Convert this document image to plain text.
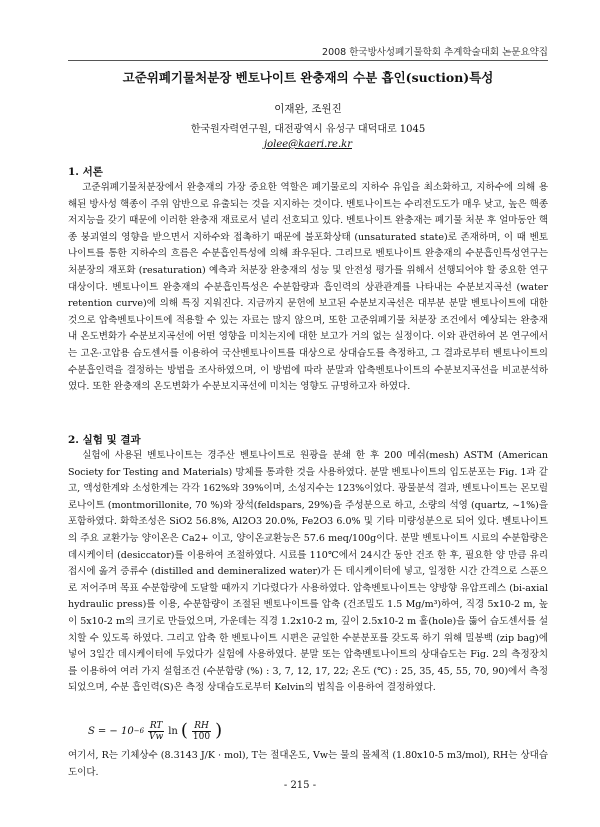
2008 한국방사성폐기물학회 추계학술대회 논문요약집
고준위폐기물처분장 벤토나이트 완충재의 수분 흡인(suction)특성
이재완, 조원진
한국원자력연구원, 대전광역시 유성구 대덕대로 1045
jolee@kaeri.re.kr
1. 서론

고준위폐기물처분장에서 완충재의 가장 중요한 역할은 폐기물로의 지하수 유입을 최소화하고, 지하수에 의해 용해된 방사성 핵종이 주위 암반으로 유출되는 것을 지지하는 것이다. 벤토나이트는 수리전도도가 매우 낮고, 높은 핵종저지능을 갖기 때문에 이러한 완충재 재료로서 널리 선호되고 있다. 벤토나이트 완충재는 폐기물 처분 후 얼마동안 핵종 붕괴열의 영향을 받으면서 지하수와 접촉하기 때문에 불포화상태 (unsaturated state)로 존재하며, 이 때 벤토나이트를 통한 지하수의 흐름은 수분흡인특성에 의해 좌우된다. 그리므로 벤토나이트 완충재의 수분흡인특성연구는 처분장의 재포화 (resaturation) 예측과 처분장 완충재의 성능 및 안전성 평가를 위해서 선행되어야 할 중요한 연구대상이다. 벤토나이트 완충재의 수분흡인특성은 수분함량과 흡인력의 상관관계를 나타내는 수분보지곡선 (water retention curve)에 의해 특징 지워진다. 지금까지 문헌에 보고된 수분보지곡선은 대부분 분말 벤토나이트에 대한 것으로 압축벤토나이트에 적용할 수 있는 자료는 많지 않으며, 또한 고준위폐기물 처분장 조건에서 예상되는 완충재 내 온도변화가 수분보지곡선에 어떤 영향을 미치는지에 대한 보고가 거의 없는 실정이다. 이와 관련하여 본 연구에서는 고온·고압용 습도센서를 이용하여 국산벤토나이트를 대상으로 상대습도를 측정하고, 그 결과로부터 벤토나이트의 수분흡인력을 결정하는 방법을 조사하였으며, 이 방법에 따라 분말과 압축벤토나이트의 수분보지곡선을 비교분석하였다. 또한 완충재의 온도변화가 수분보지곡선에 미치는 영향도 규명하고자 하였다.

2. 실험 및 결과

실험에 사용된 벤토나이트는 경주산 벤토나이트로 원광을 분쇄 한 후 200 메쉬(mesh) ASTM (American Society for Testing and Materials) 망체를 통과한 것을 사용하였다. 분말 벤토나이트의 입도분포는 Fig. 1과 같고, 액성한계와 소성한계는 각각 162%와 39%이며, 소성지수는 123%이었다. 광물분석 결과, 벤토나이트는 몬모릴로나이트 (montmorillonite, 70 %)와 장석(feldspars, 29%)을 주성분으로 하고, 소량의 석영 (quartz, ~1%)을 포함하였다. 화학조성은 SiO2 56.8%, Al2O3 20.0%, Fe2O3 6.0% 및 기타 미량성분으로 되어 있다. 벤토나이트의 주요 교환가능 양이온은 Ca2+ 이고, 양이온교환능은 57.6 meq/100g이다. 분말 벤토나이트 시료의 수분함량은 데시케이터 (desiccator)를 이용하여 조절하였다. 시료를 110℃에서 24시간 동안 건조 한 후, 필요한 양 만큼 유리접시에 옮겨 증류수 (distilled and demineralized water)가 든 데시케이터에 넣고, 일정한 시간 간격으로 스푼으로 저어주며 목표 수분함량에 도달할 때까지 기다렸다가 사용하였다. 압축벤토나이트는 양방향 유압프레스 (bi-axial hydraulic press)를 이용, 수분함량이 조절된 벤토나이트를 압축 (건조밀도 1.5 Mg/m³)하여, 직경 5x10-2 m, 높이 5x10-2 m의 크기로 만들었으며, 가운데는 직경 1.2x10-2 m, 깊이 2.5x10-2 m 홀(hole)을 뚫어 습도센서를 설치할 수 있도록 하였다. 그리고 압축 한 벤토나이트 시편은 균일한 수분분포를 갖도록 하기 위해 밀봉백 (zip bag)에 넣어 3일간 데시케이터에 두었다가 실험에 사용하였다. 분말 또는 압축벤토나이트의 상대습도는 Fig. 2의 측정장치를 이용하여 여러 가지 설험조건 (수분함량 (%) : 3, 7, 12, 17, 22; 온도 (℃) : 25, 35, 45, 55, 70, 90)에서 측정되었으며, 수분 흡인력(S)은 측정 상대습도로부터 Kelvin의 법칙을 이용하여 결정하였다.

S = − $10 -6 \frac{RT}{Vw}$ ln ( $\frac{RH}{100}$ )

여기서, R는 기체상수 (8.3143 J/K · mol), T는 절대온도, Vw는 물의 몰체적 (1.80x10-5 m3/mol), RH는 상대습도이다.

- 215 -
